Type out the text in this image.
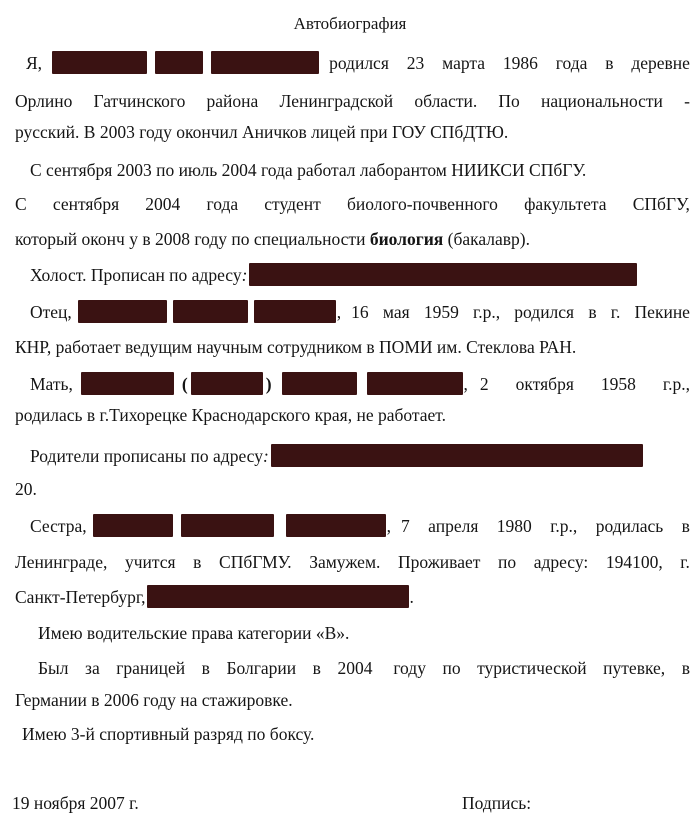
Автобиография
Я,	родился 23 марта 1986 года в деревне
Орлино Гатчинского района Ленинградской области. По национальности -
русский. В 2003 году окончил Аничков лицей при ГОУ СПбДТЮ.
С сентября 2003 по июль 2004 года работал лаборантом НИИКСИ СПбГУ.
С сентября 2004 года студент биолого-почвенного факультета СПбГУ,
который оконч у в 2008 году по специальности биология (бакалавр).
Холост. Прописан по адресу :
Отец,	, 16 мая 1959 г.р., родился в г. Пекине
КНР, работает ведущим научным сотрудником в ПОМИ им. Стеклова РАН.
Мать,	(	)	, 2 октября 1958 г.р.,
родилась в г.Тихорецке Краснодарского края, не работает.
Родители прописаны по адресу :
20.
Сестра,	, 7 апреля 1980 г.р., родилась в
Ленинграде, учится в СПбГМУ. Замужем. Проживает по адресу: 194100, г.
Санкт-Петербург,	.
Имею водительские права категории «В».
Был за границей в Болгарии в 2004 году по туристической путевке, в
Германии в 2006 году на стажировке.
Имею 3-й спортивный разряд по боксу.
19 ноября 2007 г.	Подпись:
